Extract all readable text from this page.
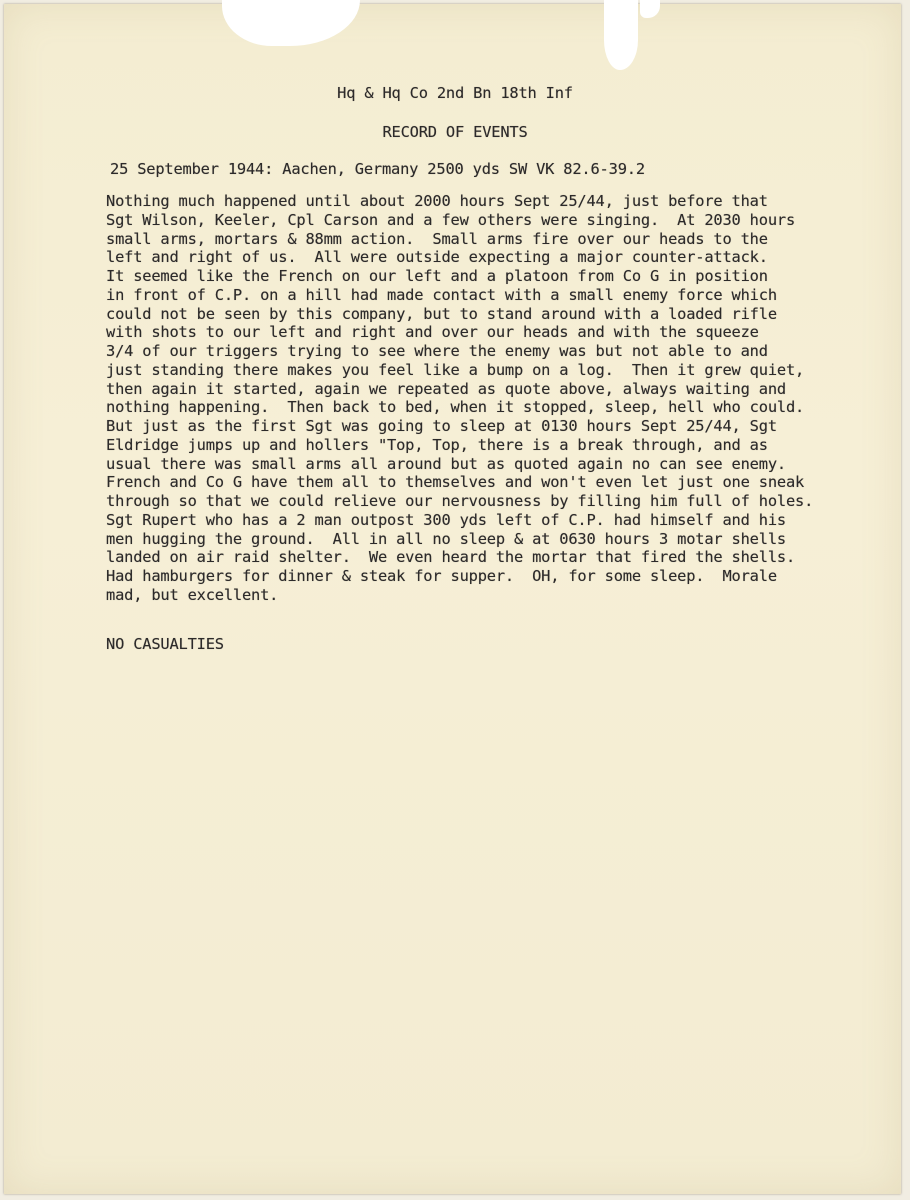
Hq & Hq Co 2nd Bn 18th Inf
RECORD OF EVENTS
25 September 1944: Aachen, Germany 2500 yds SW VK 82.6-39.2
Nothing much happened until about 2000 hours Sept 25/44, just before that
Sgt Wilson, Keeler, Cpl Carson and a few others were singing.  At 2030 hours
small arms, mortars & 88mm action.  Small arms fire over our heads to the
left and right of us.  All were outside expecting a major counter-attack.
It seemed like the French on our left and a platoon from Co G in position
in front of C.P. on a hill had made contact with a small enemy force which
could not be seen by this company, but to stand around with a loaded rifle
with shots to our left and right and over our heads and with the squeeze
3/4 of our triggers trying to see where the enemy was but not able to and
just standing there makes you feel like a bump on a log.  Then it grew quiet,
then again it started, again we repeated as quote above, always waiting and
nothing happening.  Then back to bed, when it stopped, sleep, hell who could.
But just as the first Sgt was going to sleep at 0130 hours Sept 25/44, Sgt
Eldridge jumps up and hollers "Top, Top, there is a break through, and as
usual there was small arms all around but as quoted again no can see enemy.
French and Co G have them all to themselves and won't even let just one sneak
through so that we could relieve our nervousness by filling him full of holes.
Sgt Rupert who has a 2 man outpost 300 yds left of C.P. had himself and his
men hugging the ground.  All in all no sleep & at 0630 hours 3 motar shells
landed on air raid shelter.  We even heard the mortar that fired the shells.
Had hamburgers for dinner & steak for supper.  OH, for some sleep.  Morale
mad, but excellent.
NO CASUALTIES
